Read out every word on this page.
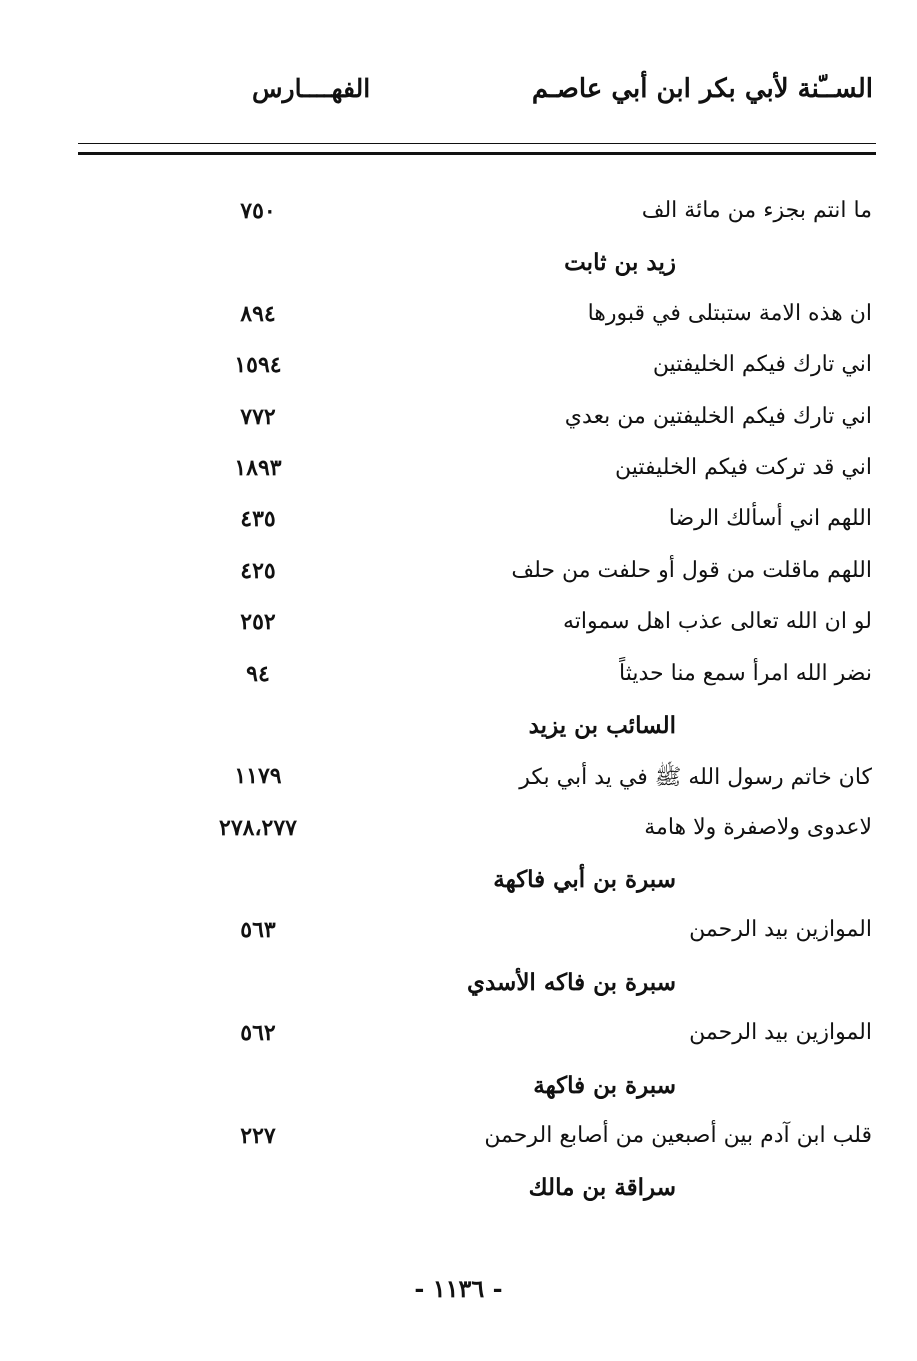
الســّنة لأبي بكر ابن أبي عاصـم
الفهــــارس
ما انتم بجزء من مائة الف
٧٥٠
زيد بن ثابت
ان هذه الامة ستبتلى في قبورها
٨٩٤
اني تارك فيكم الخليفتين
١٥٩٤
اني تارك فيكم الخليفتين من بعدي
٧٧٢
اني قد تركت فيكم الخليفتين
١٨٩٣
اللهم اني أسألك الرضا
٤٣٥
اللهم ماقلت من قول أو حلفت من حلف
٤٢٥
لو ان الله تعالى عذب اهل سمواته
٢٥٢
نضر الله امرأ سمع منا حديثاً
٩٤
السائب بن يزيد
كان خاتم رسول الله ﷺ في يد أبي بكر
١١٧٩
لاعدوى ولاصفرة ولا هامة
٢٧٨،٢٧٧
سبرة بن أبي فاكهة
الموازين بيد الرحمن
٥٦٣
سبرة بن فاكه الأسدي
الموازين بيد الرحمن
٥٦٢
سبرة بن فاكهة
قلب ابن آدم بين أصبعين من أصابع الرحمن
٢٢٧
سراقة بن مالك
- ١١٣٦ -
